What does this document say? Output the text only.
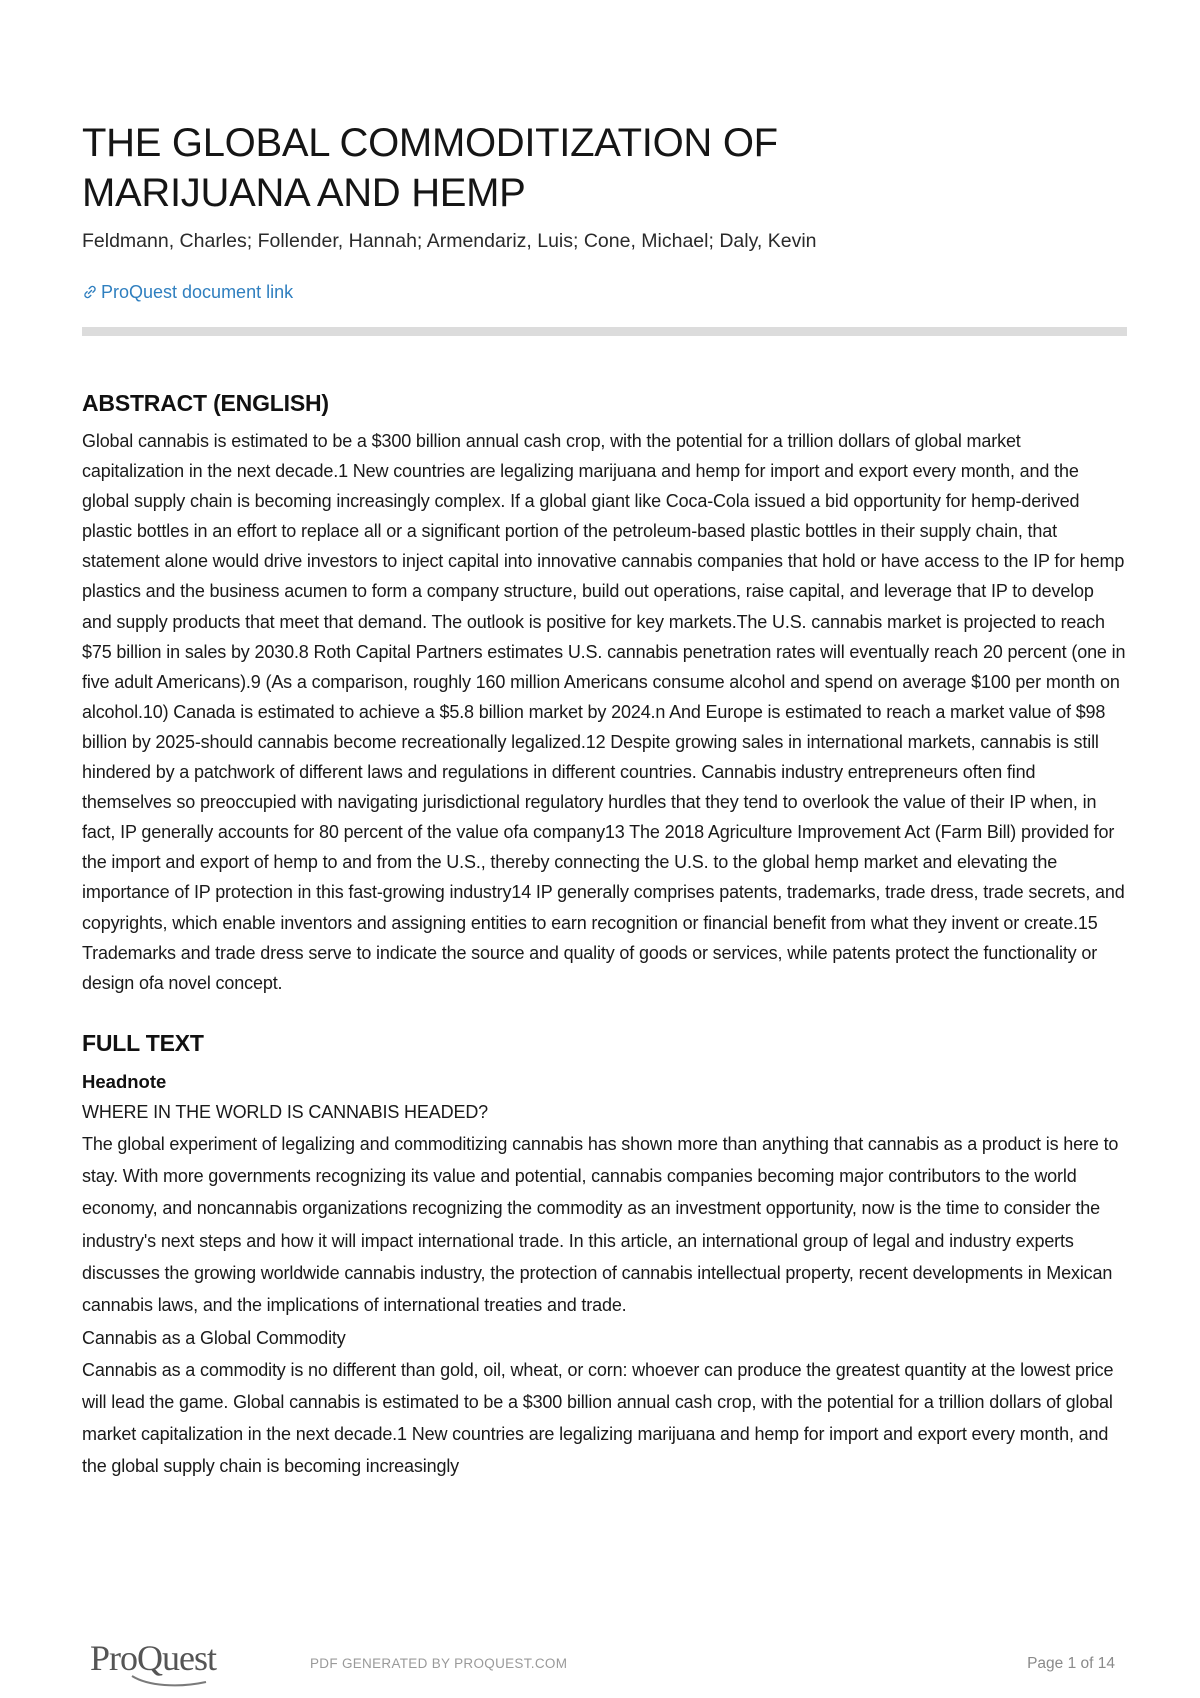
THE GLOBAL COMMODITIZATION OF
MARIJUANA AND HEMP
Feldmann, Charles; Follender, Hannah; Armendariz, Luis; Cone, Michael; Daly, Kevin
ProQuest document link
ABSTRACT (ENGLISH)

Global cannabis is estimated to be a $300 billion annual cash crop, with the potential for a trillion dollars of global market capitalization in the next decade.1 New countries are legalizing marijuana and hemp for import and export every month, and the global supply chain is becoming increasingly complex. If a global giant like Coca-Cola issued a bid opportunity for hemp-derived plastic bottles in an effort to replace all or a significant portion of the petroleum-based plastic bottles in their supply chain, that statement alone would drive investors to inject capital into innovative cannabis companies that hold or have access to the IP for hemp plastics and the business acumen to form a company structure, build out operations, raise capital, and leverage that IP to develop and supply products that meet that demand. The outlook is positive for key markets.The U.S. cannabis market is projected to reach $75 billion in sales by 2030.8 Roth Capital Partners estimates U.S. cannabis penetration rates will eventually reach 20 percent (one in five adult Americans).9 (As a comparison, roughly 160 million Americans consume alcohol and spend on average $100 per month on alcohol.10) Canada is estimated to achieve a $5.8 billion market by 2024.n And Europe is estimated to reach a market value of $98 billion by 2025-should cannabis become recreationally legalized.12 Despite growing sales in international markets, cannabis is still hindered by a patchwork of different laws and regulations in different countries. Cannabis industry entrepreneurs often find themselves so preoccupied with navigating jurisdictional regulatory hurdles that they tend to overlook the value of their IP when, in fact, IP generally accounts for 80 percent of the value ofa company13 The 2018 Agriculture Improvement Act (Farm Bill) provided for the import and export of hemp to and from the U.S., thereby connecting the U.S. to the global hemp market and elevating the importance of IP protection in this fast-growing industry14 IP generally comprises patents, trademarks, trade dress, trade secrets, and copyrights, which enable inventors and assigning entities to earn recognition or financial benefit from what they invent or create.15 Trademarks and trade dress serve to indicate the source and quality of goods or services, while patents protect the functionality or design ofa novel concept.

FULL TEXT
Headnote
WHERE IN THE WORLD IS CANNABIS HEADED?

The global experiment of legalizing and commoditizing cannabis has shown more than anything that cannabis as a product is here to stay. With more governments recognizing its value and potential, cannabis companies becoming major contributors to the world economy, and noncannabis organizations recognizing the commodity as an investment opportunity, now is the time to consider the industry's next steps and how it will impact international trade. In this article, an international group of legal and industry experts discusses the growing worldwide cannabis industry, the protection of cannabis intellectual property, recent developments in Mexican cannabis laws, and the implications of international treaties and trade.

Cannabis as a Global Commodity

Cannabis as a commodity is no different than gold, oil, wheat, or corn: whoever can produce the greatest quantity at the lowest price will lead the game. Global cannabis is estimated to be a $300 billion annual cash crop, with the potential for a trillion dollars of global market capitalization in the next decade.1 New countries are legalizing marijuana and hemp for import and export every month, and the global supply chain is becoming increasingly

ProQuest	PDF GENERATED BY PROQUEST.COM	Page 1 of 14
